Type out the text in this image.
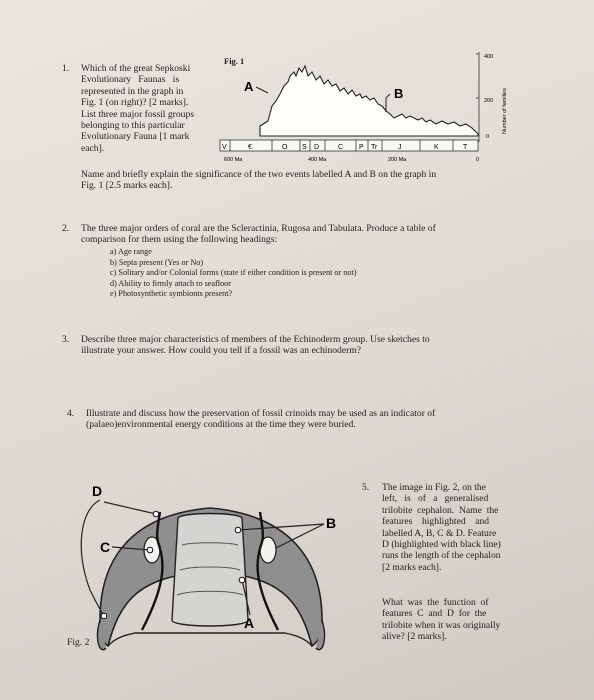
1. Which of the great Sepkoski
Evolutionary   Faunas   is
represented in the graph in
Fig. 1 (on right)? [2 marks].
List three major fossil groups
belonging to this particular
Evolutionary Fauna [1 mark
each].
Name and briefly explain the significance of the two events labelled A and B on the graph in
Fig. 1 [2.5 marks each].
Fig. 1	400
200
0
Number of families
A	B
V	€	O S D	C P Tr	J	K	T
600 Ma	400 Ma	200 Ma	0
2. The three major orders of coral are the Scleractinia, Rugosa and Tabulata. Produce a table of
comparison for them using the following headings:
a) Age range
b) Septa present (Yes or No)
c) Solitary and/or Colonial forms (state if either condition is present or not)
d) Ability to firmly attach to seafloor
e) Photosynthetic symbionts present?
3. Describe three major characteristics of members of the Echinoderm group. Use sketches to
illustrate your answer. How could you tell if a fossil was an echinoderm?
4. Illustrate and discuss how the preservation of fossil crinoids may be used as an indicator of
(palaeo)environmental energy conditions at the time they were buried.
5. The image in Fig. 2, on the
left,   is   of   a   generalised
trilobite  cephalon.  Name  the
features    highlighted    and
labelled A, B, C & D. Feature
D (highlighted with black line)
runs the length of the cephalon
[2 marks each].
What  was  the  function  of
features  C  and  D  for  the
trilobite when it was originally
alive? [2 marks].
D
C
B
A
Fig. 2
